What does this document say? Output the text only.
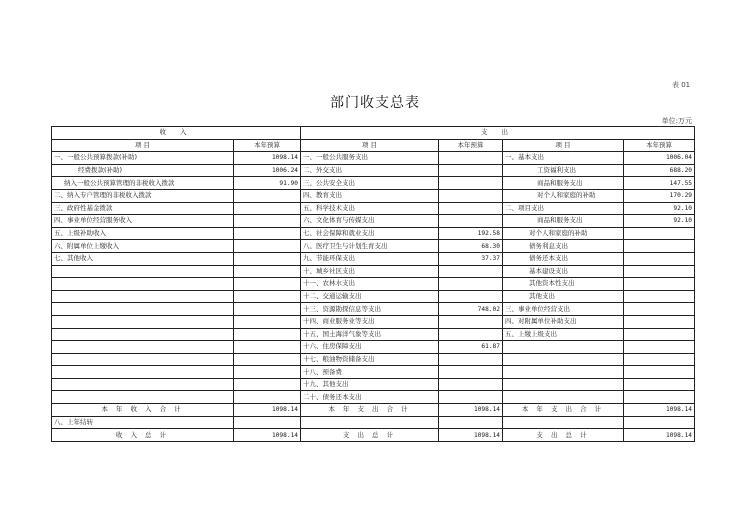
表 01
部门收支总表
单位:万元
收 入		支 出			
项 目	本年预算	项 目	本年预算	项 目	本年预算
一、一般公共预算拨款(补助)	1098.14	一、一般公共服务支出		一、基本支出	1006.04
经费拨款(补助)	1006.24	二、外交支出		工资福利支出	688.20
纳入一般公共预算管理的非税收入拨款	91.90	三、公共安全支出		商品和服务支出	147.55
二、纳入专户管理的非税收入拨款		四、教育支出		对个人和家庭的补助	170.29
三、政府性基金拨款		五、科学技术支出		二、项目支出	92.10
四、事业单位经营服务收入		六、文化体育与传媒支出		商品和服务支出	92.10
五、上级补助收入		七、社会保障和就业支出	192.58	对个人和家庭的补助	
六、附属单位上缴收入		八、医疗卫生与计划生育支出	68.30	债务利息支出	
七、其他收入		九、节能环保支出	37.37	债务还本支出	
		十、城乡社区支出		基本建设支出	
		十一、农林水支出		其他资本性支出	
		十二、交通运输支出		其他支出	
		十三、资源勘探信息等支出	748.02	三、事业单位经营支出	
		十四、商业服务业等支出		四、对附属单位补助支出	
		十五、国土海洋气象等支出		五、上缴上级支出	
		十六、住房保障支出	61.87		
		十七、粮油物资储备支出			
		十八、预备费			
		十九、其他支出			
		二十、债务还本支出			
本 年 收 入 合 计	1098.14	本 年 支 出 合 计	1098.14	本 年 支 出 合 计	1098.14
八、上年结转					
收 入 总 计	1098.14	支 出 总 计	1098.14	支 出 总 计	1098.14
